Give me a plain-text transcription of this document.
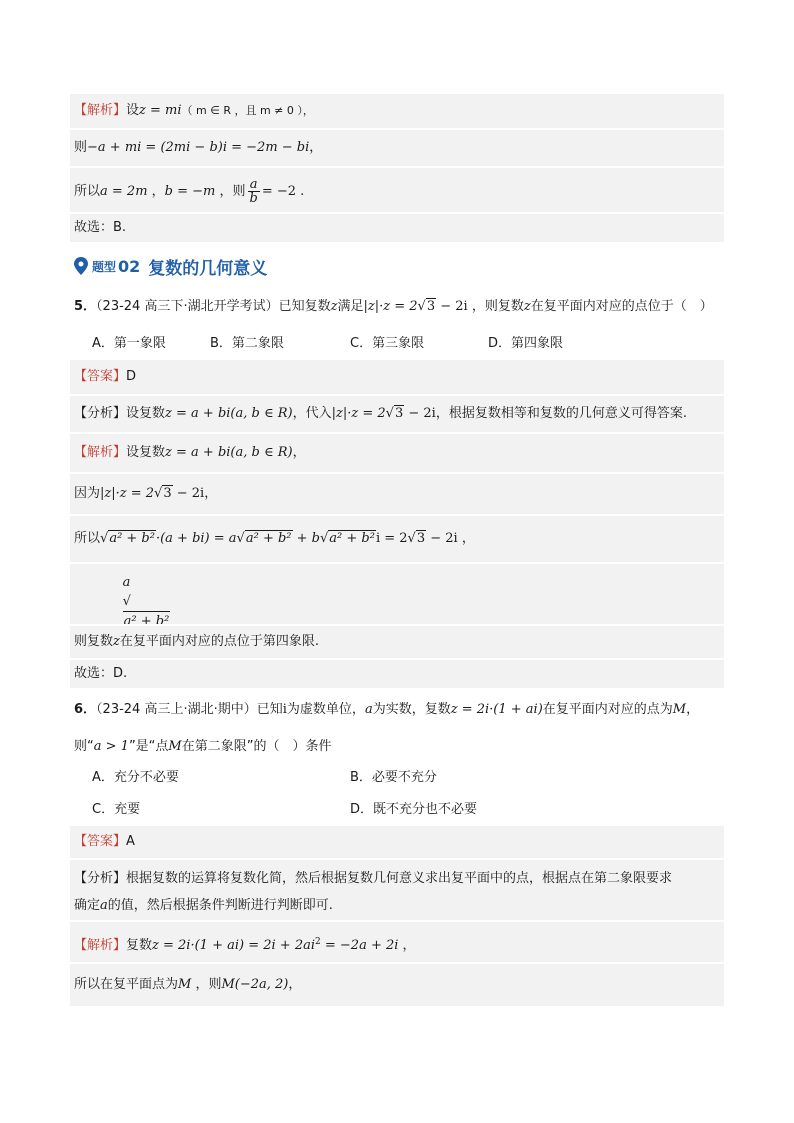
【解析】设z = mi（ m ∈ R ，且 m ≠ 0 ），
则−a + mi = (2mi − b)i = −2m − bi，
所以a = 2m ，b = −m ，则 $\frac{a}{b} = -2$ .
故选：B.
题型 02 复数的几何意义
5．（23-24 高三下·湖北开学考试）已知复数z满足|z|·z = 2√3 − 2i ，则复数z在复平面内对应的点位于（　）
A．第一象限	B．第二象限	C．第三象限	D．第四象限
【答案】D
【分析】设复数z = a + bi(a, b ∈ R)，代入|z|·z = 2√3 − 2i，根据复数相等和复数的几何意义可得答案.
【解析】设复数z = a + bi(a, b ∈ R)，
因为|z|·z = 2√3 − 2i，
所以√a² + b²·(a + bi) = a√a² + b² + b√a² + b²i = 2√3 − 2i ，
a
√
a² + b²
则复数z在复平面内对应的点位于第四象限.
故选：D.
6．（23-24 高三上·湖北·期中）已知i为虚数单位，a为实数，复数z = 2i·(1 + ai)在复平面内对应的点为M，
则“a > 1”是“点M在第二象限”的（　）条件
A．充分不必要	B．必要不充分
C．充要	D．既不充分也不必要
【答案】A
【分析】根据复数的运算将复数化简，然后根据复数几何意义求出复平面中的点，根据点在第二象限要求
确定a的值，然后根据条件判断进行判断即可.
【解析】复数$z = 2i\cdot(1 + ai) = 2i + 2ai^2 = -2a + 2i$ ，
所以在复平面点为M ，则M(−2a, 2)，
